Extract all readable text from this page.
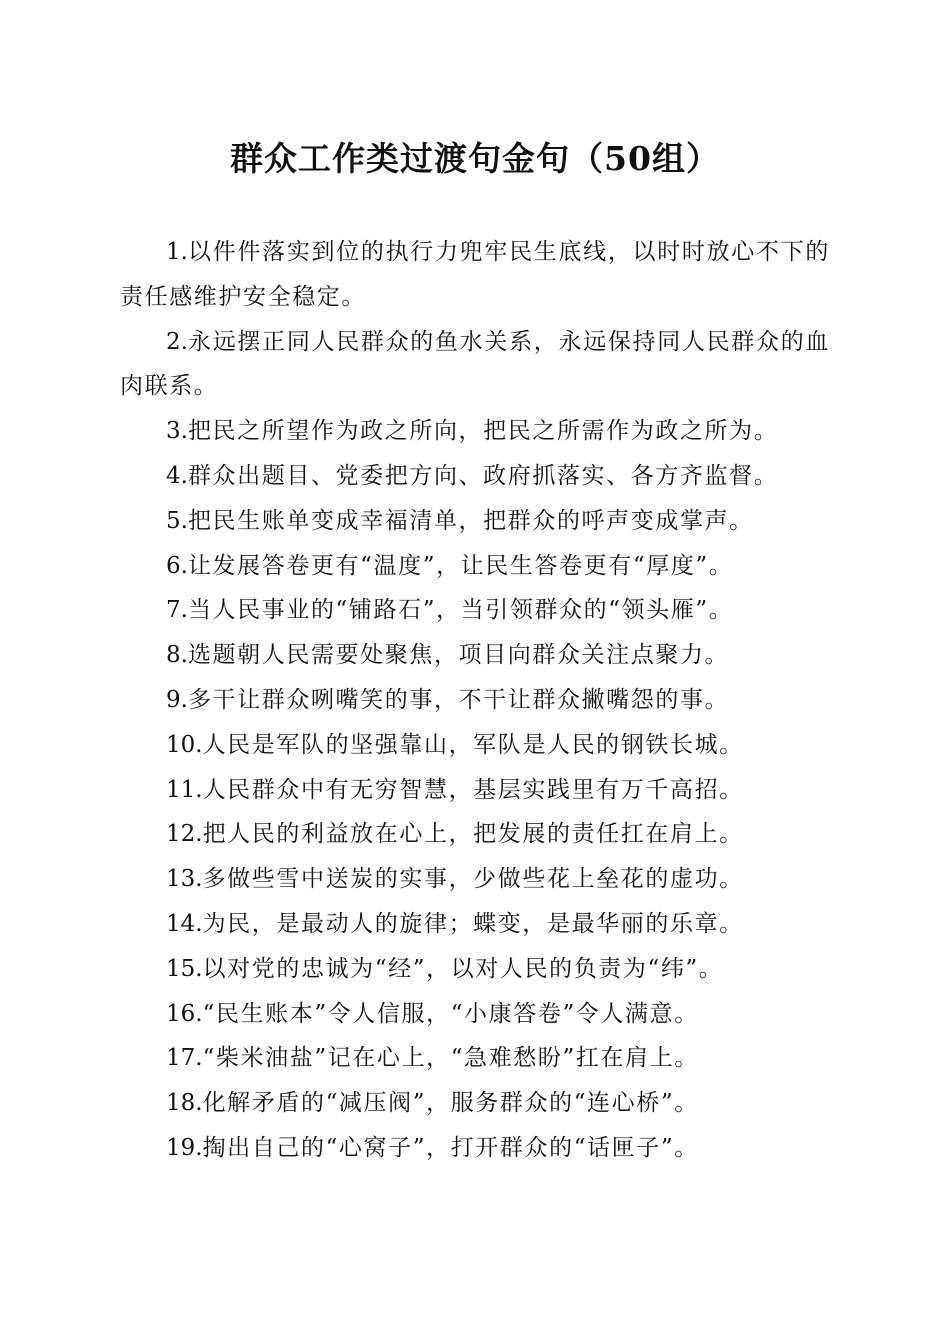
群众工作类过渡句金句（50组）

1.以件件落实到位的执行力兜牢民生底线，以时时放心不下的责任感维护安全稳定。

2.永远摆正同人民群众的鱼水关系，永远保持同人民群众的血肉联系。

3.把民之所望作为政之所向，把民之所需作为政之所为。

4.群众出题目、党委把方向、政府抓落实、各方齐监督。

5.把民生账单变成幸福清单，把群众的呼声变成掌声。

6.让发展答卷更有“温度”，让民生答卷更有“厚度”。

7.当人民事业的“铺路石”，当引领群众的“领头雁”。

8.选题朝人民需要处聚焦，项目向群众关注点聚力。

9.多干让群众咧嘴笑的事，不干让群众撇嘴怨的事。

10.人民是军队的坚强靠山，军队是人民的钢铁长城。

11.人民群众中有无穷智慧，基层实践里有万千高招。

12.把人民的利益放在心上，把发展的责任扛在肩上。

13.多做些雪中送炭的实事，少做些花上垒花的虚功。

14.为民，是最动人的旋律；蝶变，是最华丽的乐章。

15.以对党的忠诚为“经”，以对人民的负责为“纬”。

16.“民生账本”令人信服，“小康答卷”令人满意。

17.“柴米油盐”记在心上，“急难愁盼”扛在肩上。

18.化解矛盾的“减压阀”，服务群众的“连心桥”。

19.掏出自己的“心窝子”，打开群众的“话匣子”。
